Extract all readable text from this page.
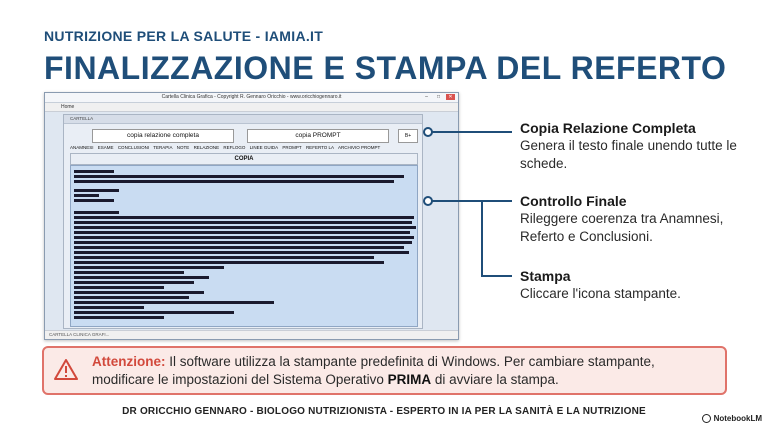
NUTRIZIONE PER LA SALUTE - IAMIA.IT
FINALIZZAZIONE E STAMPA DEL REFERTO
Cartella Clinica Grafica - Copyright R. Gennaro Oricchio - www.oricchiogennaro.it	–	□	✕
Home
CARTELLA
copia relazione completa	copia PROMPT	B+
ANAMNESI ESAME CONCLUSIONI TERAPIA NOTE RELAZIONE REFLOGO LINEE GUIDA PROMPT REFERTO LA ARCHIVIO PROMPT
COPIA
CARTELLA CLINICA GRAFI...
Copia Relazione Completa
Genera il testo finale unendo tutte le schede.
Controllo Finale
Rileggere coerenza tra Anamnesi, Referto e Conclusioni.
Stampa
Cliccare l'icona stampante.
Attenzione: Il software utilizza la stampante predefinita di Windows. Per cambiare stampante, modificare le impostazioni del Sistema Operativo PRIMA di avviare la stampa.
DR ORICCHIO GENNARO - BIOLOGO NUTRIZIONISTA - ESPERTO IN IA PER LA SANITÀ E LA NUTRIZIONE
NotebookLM
